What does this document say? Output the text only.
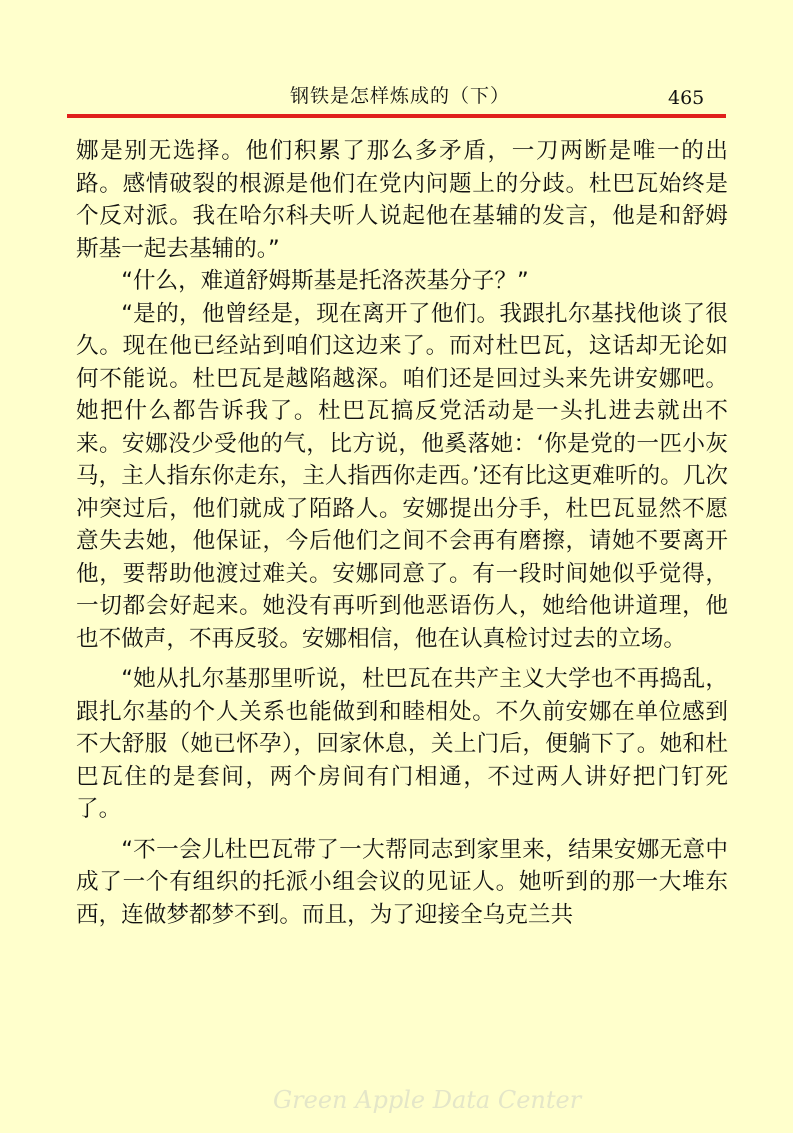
钢铁是怎样炼成的（下）	465

娜是别无选择。他们积累了那么多矛盾，一刀两断是唯一的出路。感情破裂的根源是他们在党内问题上的分歧。杜巴瓦始终是个反对派。我在哈尔科夫听人说起他在基辅的发言，他是和舒姆斯基一起去基辅的。”

“什么，难道舒姆斯基是托洛茨基分子？”

“是的，他曾经是，现在离开了他们。我跟扎尔基找他谈了很久。现在他已经站到咱们这边来了。而对杜巴瓦，这话却无论如何不能说。杜巴瓦是越陷越深。咱们还是回过头来先讲安娜吧。她把什么都告诉我了。杜巴瓦搞反党活动是一头扎进去就出不来。安娜没少受他的气，比方说，他奚落她：‘你是党的一匹小灰马，主人指东你走东，主人指西你走西。’还有比这更难听的。几次冲突过后，他们就成了陌路人。安娜提出分手，杜巴瓦显然不愿意失去她，他保证，今后他们之间不会再有磨擦，请她不要离开他，要帮助他渡过难关。安娜同意了。有一段时间她似乎觉得，一切都会好起来。她没有再听到他恶语伤人，她给他讲道理，他也不做声，不再反驳。安娜相信，他在认真检讨过去的立场。

“她从扎尔基那里听说，杜巴瓦在共产主义大学也不再捣乱，跟扎尔基的个人关系也能做到和睦相处。不久前安娜在单位感到不大舒服（她已怀孕），回家休息，关上门后，便躺下了。她和杜巴瓦住的是套间，两个房间有门相通，不过两人讲好把门钉死了。

“不一会儿杜巴瓦带了一大帮同志到家里来，结果安娜无意中成了一个有组织的托派小组会议的见证人。她听到的那一大堆东西，连做梦都梦不到。而且，为了迎接全乌克兰共

Green Apple Data Center
